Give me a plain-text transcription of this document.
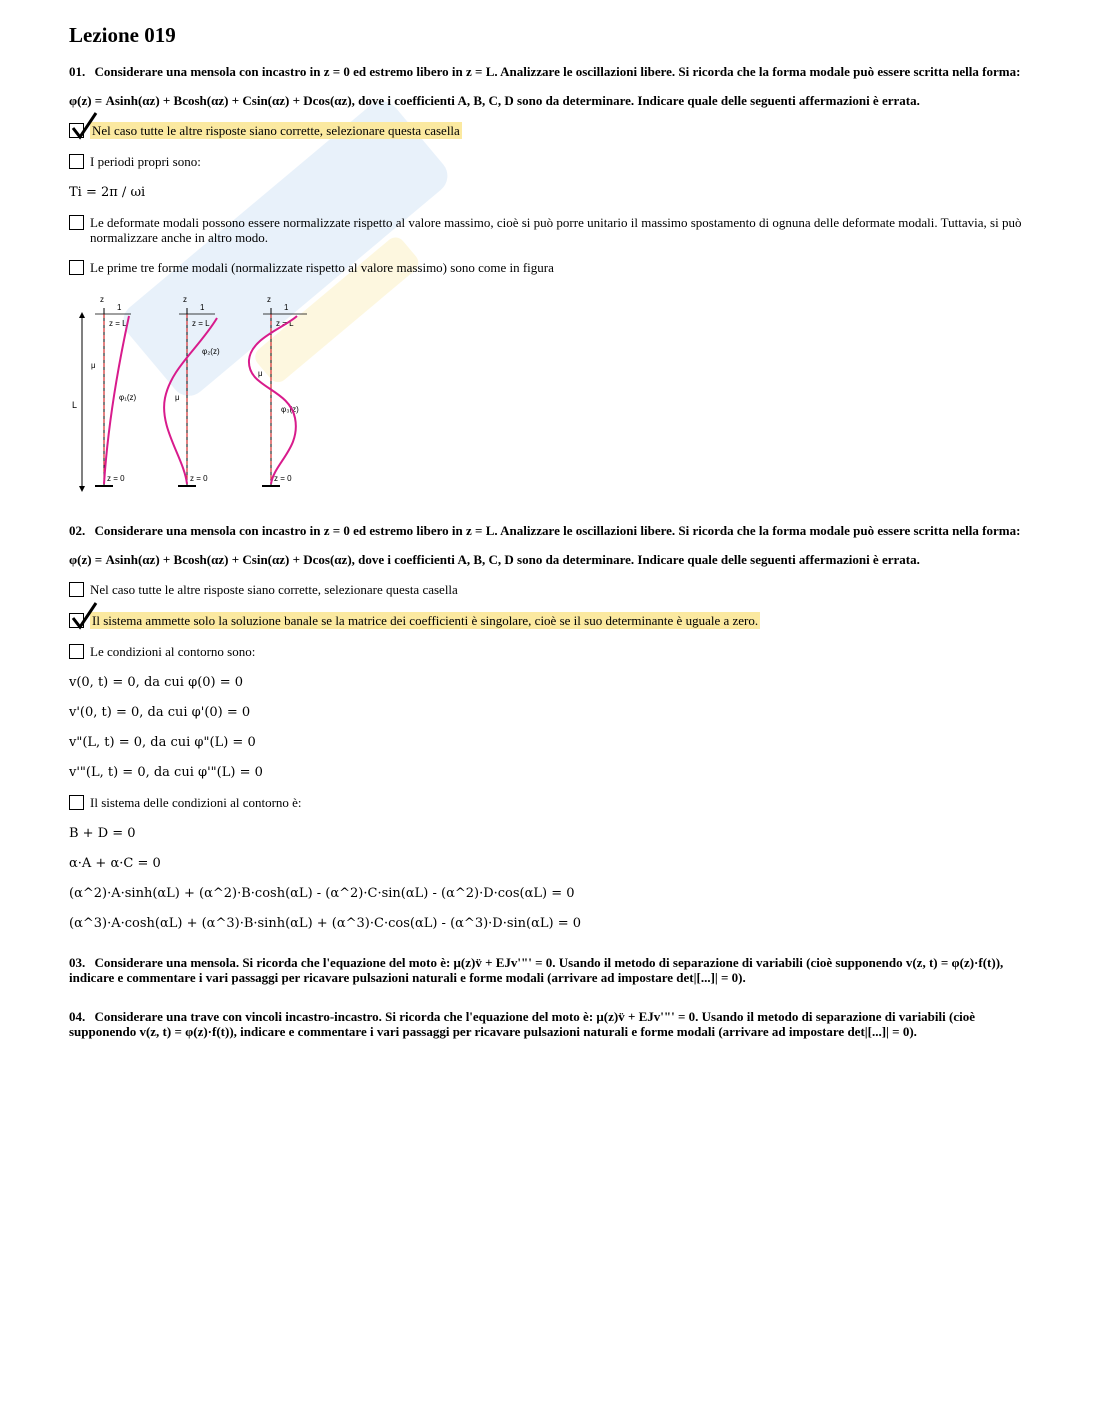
Lezione 019

01. Considerare una mensola con incastro in z = 0 ed estremo libero in z = L. Analizzare le oscillazioni libere. Si ricorda che la forma modale può essere scritta nella forma:

φ(z) = Asinh(αz) + Bcosh(αz) + Csin(αz) + Dcos(αz), dove i coefficienti A, B, C, D sono da determinare. Indicare quale delle seguenti affermazioni è errata.

Nel caso tutte le altre risposte siano corrette, selezionare questa casella
I periodi propri sono:

Ti = 2π / ωi

Le deformate modali possono essere normalizzate rispetto al valore massimo, cioè si può porre unitario il massimo spostamento di ognuna delle deformate modali. Tuttavia, si può normalizzare anche in altro modo.
Le prime tre forme modali (normalizzate rispetto al valore massimo) sono come in figura
L
z
1
z = L
μ
φ₁(z)
z = 0
z
1
z = L
φ₂(z)
μ
z = 0
z
1
z = L
μ
φ₃(z)
z = 0

02. Considerare una mensola con incastro in z = 0 ed estremo libero in z = L. Analizzare le oscillazioni libere. Si ricorda che la forma modale può essere scritta nella forma:

φ(z) = Asinh(αz) + Bcosh(αz) + Csin(αz) + Dcos(αz), dove i coefficienti A, B, C, D sono da determinare. Indicare quale delle seguenti affermazioni è errata.

Nel caso tutte le altre risposte siano corrette, selezionare questa casella
Il sistema ammette solo la soluzione banale se la matrice dei coefficienti è singolare, cioè se il suo determinante è uguale a zero.
Le condizioni al contorno sono:

v(0, t) = 0, da cui φ(0) = 0

v'(0, t) = 0, da cui φ'(0) = 0

v"(L, t) = 0, da cui φ"(L) = 0

v'"(L, t) = 0, da cui φ'"(L) = 0

Il sistema delle condizioni al contorno è:

B + D = 0

α·A + α·C = 0

(α^2)·A·sinh(αL) + (α^2)·B·cosh(αL) - (α^2)·C·sin(αL) - (α^2)·D·cos(αL) = 0

(α^3)·A·cosh(αL) + (α^3)·B·sinh(αL) + (α^3)·C·cos(αL) - (α^3)·D·sin(αL) = 0

03. Considerare una mensola. Si ricorda che l'equazione del moto è: μ(z)v̈ + EJv'"' = 0. Usando il metodo di separazione di variabili (cioè supponendo v(z, t) = φ(z)·f(t)), indicare e commentare i vari passaggi per ricavare pulsazioni naturali e forme modali (arrivare ad impostare det|[...]| = 0).

04. Considerare una trave con vincoli incastro-incastro. Si ricorda che l'equazione del moto è: μ(z)v̈ + EJv'"' = 0. Usando il metodo di separazione di variabili (cioè supponendo v(z, t) = φ(z)·f(t)), indicare e commentare i vari passaggi per ricavare pulsazioni naturali e forme modali (arrivare ad impostare det|[...]| = 0).
